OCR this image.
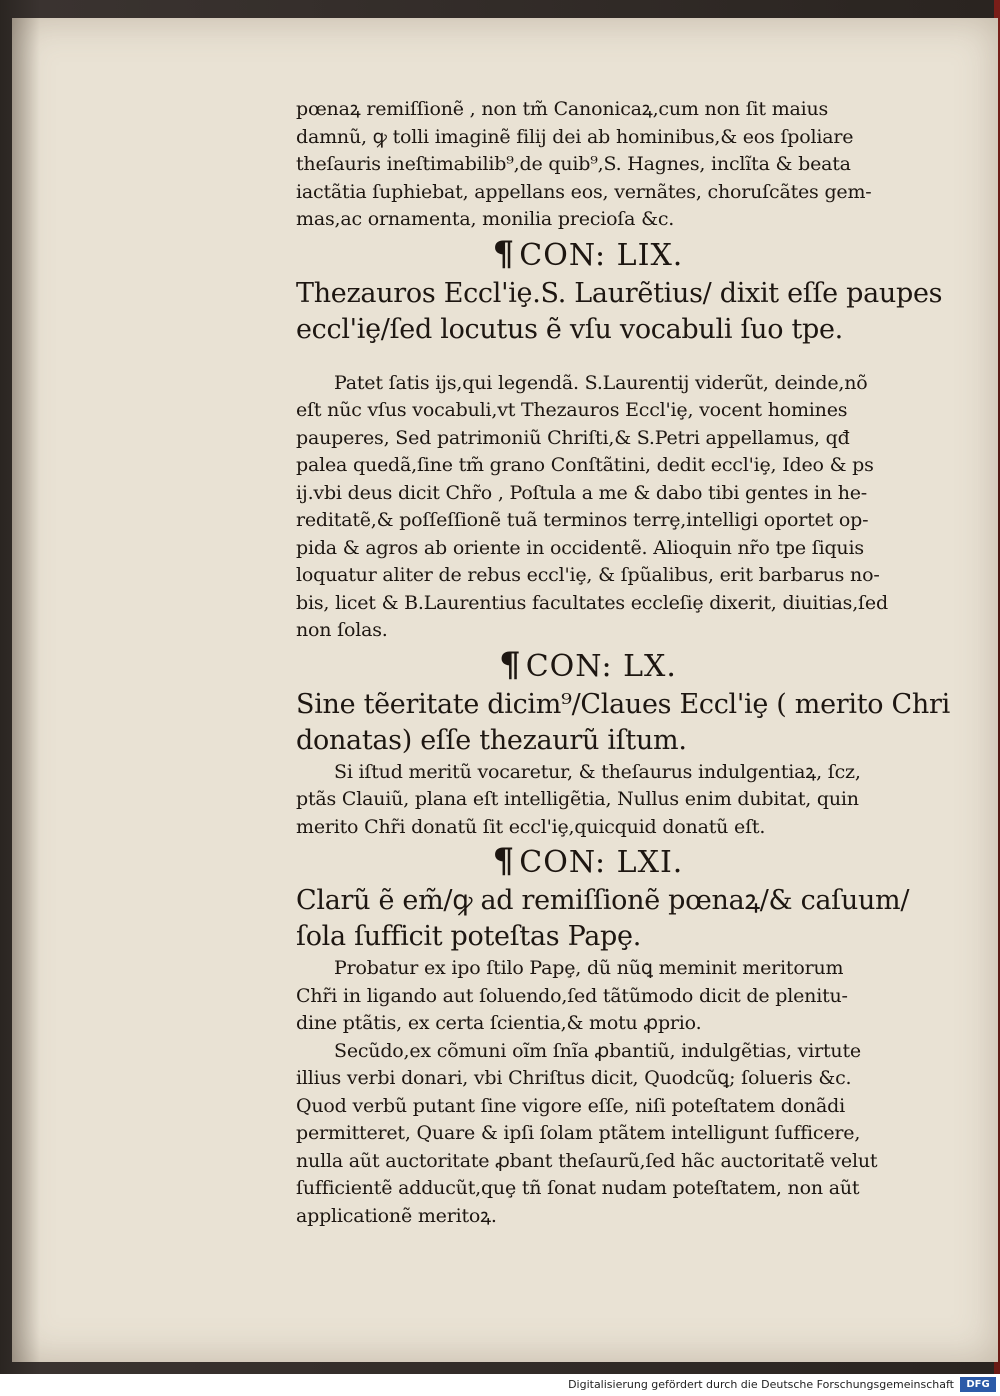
pœnaꝝ remiſſionẽ , non tm̃ Canonicaꝝ,cum non ſit maius
damnũ, ꝙ tolli imaginẽ filij dei ab hominibus,& eos ſpoliare
theſauris ineſtimabilib⁹,de quib⁹,S. Hagnes, inclĩta & beata
iactãtia ſuphiebat, appellans eos, vernãtes, choruſcãtes gem-
mas,ac ornamenta, monilia precioſa &c.
¶ CON: LIX.
Thezauros Eccl'iȩ.S. Laurẽtius/ dixit eſſe paupes
eccl'iȩ/ſed locutus ẽ vſu vocabuli ſuo tpe.
Patet ſatis ijs,qui legendã. S.Laurentij viderũt, deinde,nõ
eſt nũc vſus vocabuli,vt Thezauros Eccl'iȩ, vocent homines
pauperes, Sed patrimoniũ Chriſti,& S.Petri appellamus, qđ
palea quedã,ſine tm̃ grano Conſtãtini, dedit eccl'iȩ, Ideo & ps
ij.vbi deus dicit Chr̃o , Poſtula a me & dabo tibi gentes in he-
reditatẽ,& poſſeſſionẽ tuã terminos terrȩ,intelligi oportet op-
pida & agros ab oriente in occidentẽ. Alioquin nr̃o tpe ſiquis
loquatur aliter de rebus eccl'iȩ, & ſpũalibus, erit barbarus no-
bis, licet & B.Laurentius facultates eccleſiȩ dixerit, diuitias,ſed
non ſolas.
¶ CON: LX.
Sine tẽeritate dicim⁹/Claues Eccl'iȩ ( merito Chri
donatas) eſſe thezaurũ iſtum.
Si iſtud meritũ vocaretur, & theſaurus indulgentiaꝝ, ſcz,
ptãs Clauiũ, plana eſt intelligẽtia, Nullus enim dubitat, quin
merito Chr̃i donatũ ſit eccl'iȩ,quicquid donatũ eſt.
¶ CON: LXI.
Clarũ ẽ em̃/ꝙ ad remiſſionẽ pœnaꝝ/& caſuum/
ſola ſufficit poteſtas Papȩ.
Probatur ex ipo ſtilo Papȩ, dũ nũꝗ meminit meritorum
Chr̃i in ligando aut ſoluendo,ſed tãtũmodo dicit de plenitu-
dine ptãtis, ex certa ſcientia,& motu ꝓprio.
Secũdo,ex cõmuni oĩm ſnĩa ꝓbantiũ, indulgẽtias, virtute
illius verbi donari, vbi Chriſtus dicit, Quodcũꝗ; ſolueris &c.
Quod verbũ putant ſine vigore eſſe, niſi poteſtatem donãdi
permitteret, Quare & ipſi ſolam ptãtem intelligunt ſufficere,
nulla aũt auctoritate ꝓbant theſaurũ,ſed hãc auctoritatẽ velut
ſufficientẽ adducũt,quȩ tñ ſonat nudam poteſtatem, non aũt
applicationẽ meritoꝝ.
Digitalisierung gefördert durch die Deutsche Forschungsgemeinschaft	DFG
